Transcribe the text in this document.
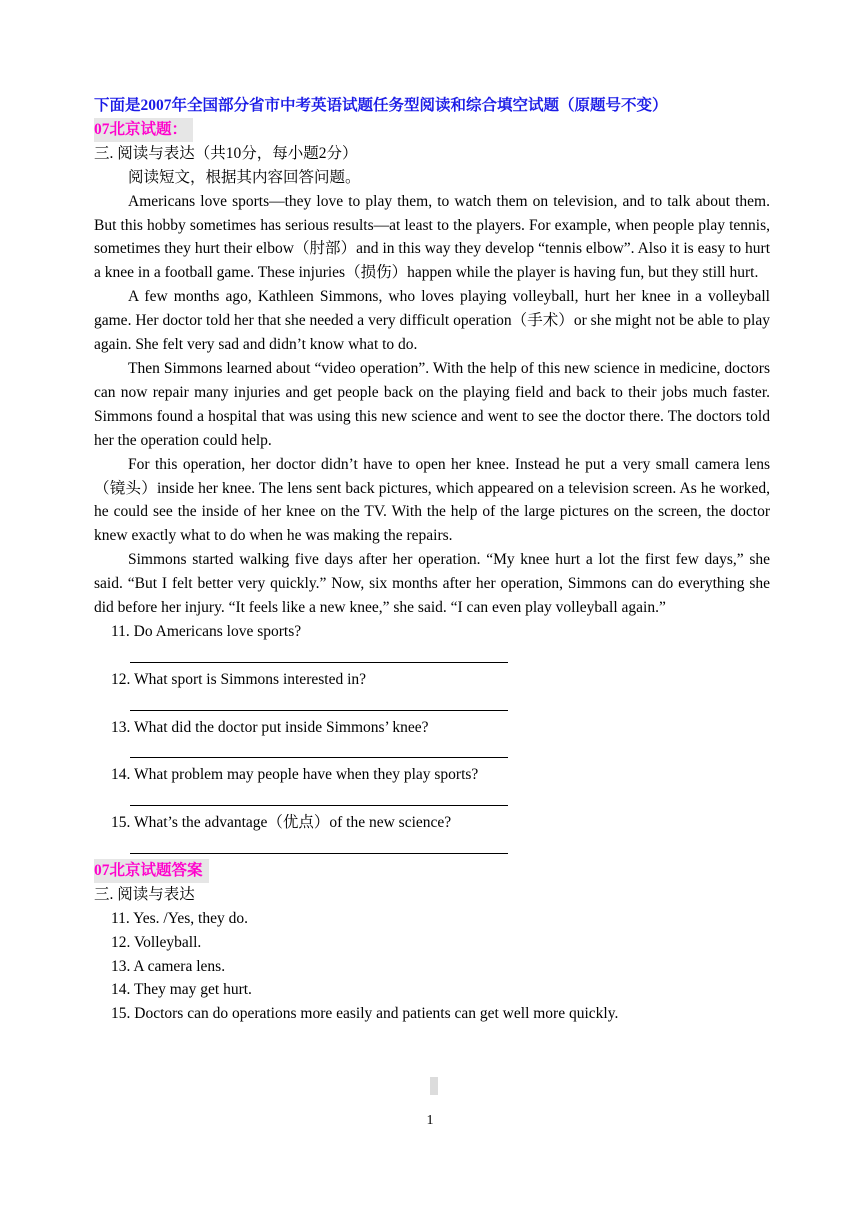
下面是2007年全国部分省市中考英语试题任务型阅读和综合填空试题（原题号不变）
07北京试题：
三. 阅读与表达（共10分，每小题2分）
阅读短文，根据其内容回答问题。
Americans love sports—they love to play them, to watch them on television, and to talk about them. But this hobby sometimes has serious results—at least to the players. For example, when people play tennis, sometimes they hurt their elbow（肘部）and in this way they develop “tennis elbow”. Also it is easy to hurt a knee in a football game. These injuries（损伤）happen while the player is having fun, but they still hurt.
A few months ago, Kathleen Simmons, who loves playing volleyball, hurt her knee in a volleyball game. Her doctor told her that she needed a very difficult operation（手术）or she might not be able to play again. She felt very sad and didn’t know what to do.
Then Simmons learned about “video operation”. With the help of this new science in medicine, doctors can now repair many injuries and get people back on the playing field and back to their jobs much faster. Simmons found a hospital that was using this new science and went to see the doctor there. The doctors told her the operation could help.
For this operation, her doctor didn’t have to open her knee. Instead he put a very small camera lens（镜头）inside her knee. The lens sent back pictures, which appeared on a television screen. As he worked, he could see the inside of her knee on the TV. With the help of the large pictures on the screen, the doctor knew exactly what to do when he was making the repairs.
Simmons started walking five days after her operation. “My knee hurt a lot the first few days,” she said. “But I felt better very quickly.” Now, six months after her operation, Simmons can do everything she did before her injury. “It feels like a new knee,” she said. “I can even play volleyball again.”
11. Do Americans love sports?
12. What sport is Simmons interested in?
13. What did the doctor put inside Simmons’ knee?
14. What problem may people have when they play sports?
15. What’s the advantage（优点）of the new science?
07北京试题答案
三. 阅读与表达
11. Yes. /Yes, they do.
12. Volleyball.
13. A camera lens.
14. They may get hurt.
15. Doctors can do operations more easily and patients can get well more quickly.
1
